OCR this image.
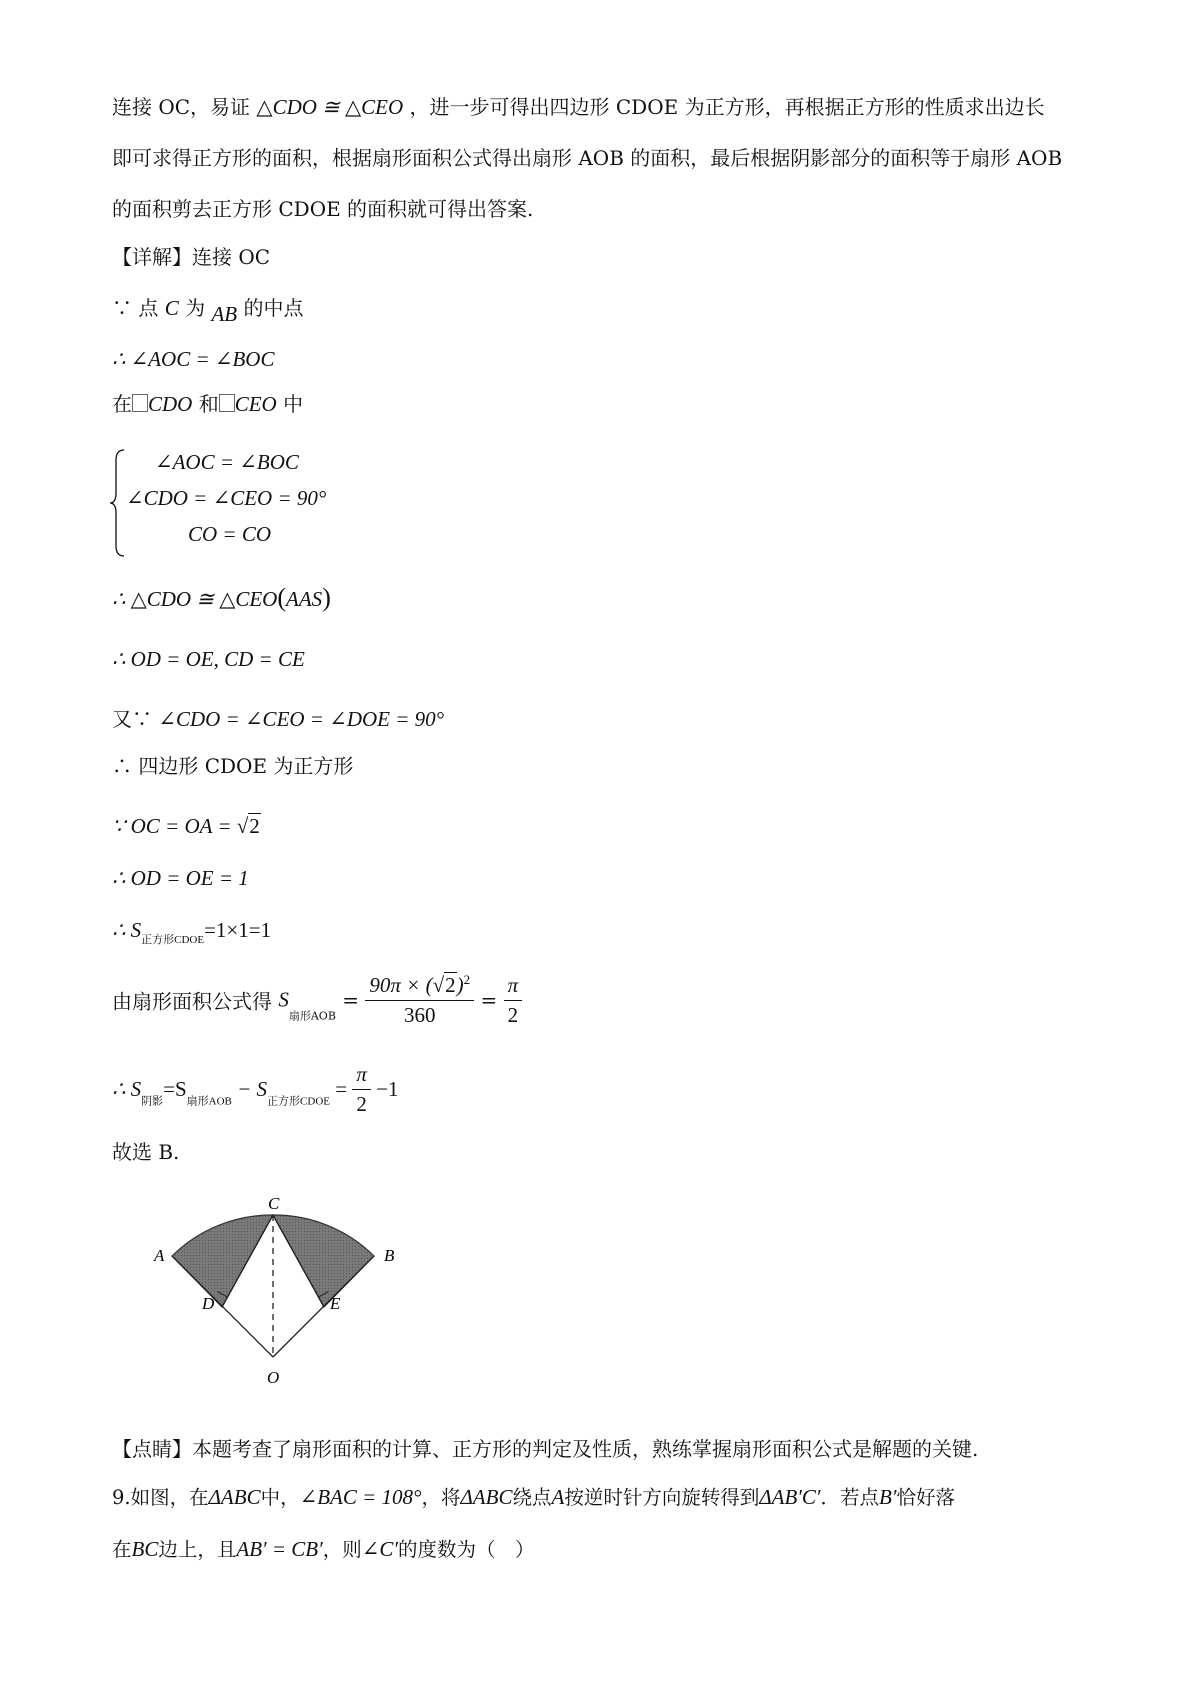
连接 OC，易证 △CDO ≅ △CEO ，进一步可得出四边形 CDOE 为正方形，再根据正方形的性质求出边长
即可求得正方形的面积，根据扇形面积公式得出扇形 AOB 的面积，最后根据阴影部分的面积等于扇形 AOB
的面积剪去正方形 CDOE 的面积就可得出答案.
【详解】连接 OC
∵ 点 C 为 AB 的中点
∴ ∠AOC = ∠BOC
在 CDO 和 CEO 中
∠AOC = ∠BOC
∠CDO = ∠CEO = 90°
CO = CO
∴ △CDO ≅ △CEO(AAS)
∴ OD = OE, CD = CE
又∵ ∠CDO = ∠CEO = ∠DOE = 90°
∴ 四边形 CDOE 为正方形
∵ OC = OA = √2
∴ OD = OE = 1
∴ $S_{正方形CDOE}=1\times 1=1$
由扇形面积公式得 $S_{扇形AOB} = \frac{90\pi \times (√2)^2}{360} = \frac{\pi}{2}$
∴ $S_{阴影}=S_{扇形AOB} - S_{正方形CDOE} = \frac{\pi}{2} -1$
故选 B.
C
A	B
D	E
O
【点睛】本题考查了扇形面积的计算、正方形的判定及性质，熟练掌握扇形面积公式是解题的关键.
9.如图，在ΔABC中，∠BAC = 108°，将ΔABC绕点A按逆时针方向旋转得到ΔAB′C′．若点B′恰好落
在BC边上，且AB′ = CB′，则∠C′的度数为（　）
